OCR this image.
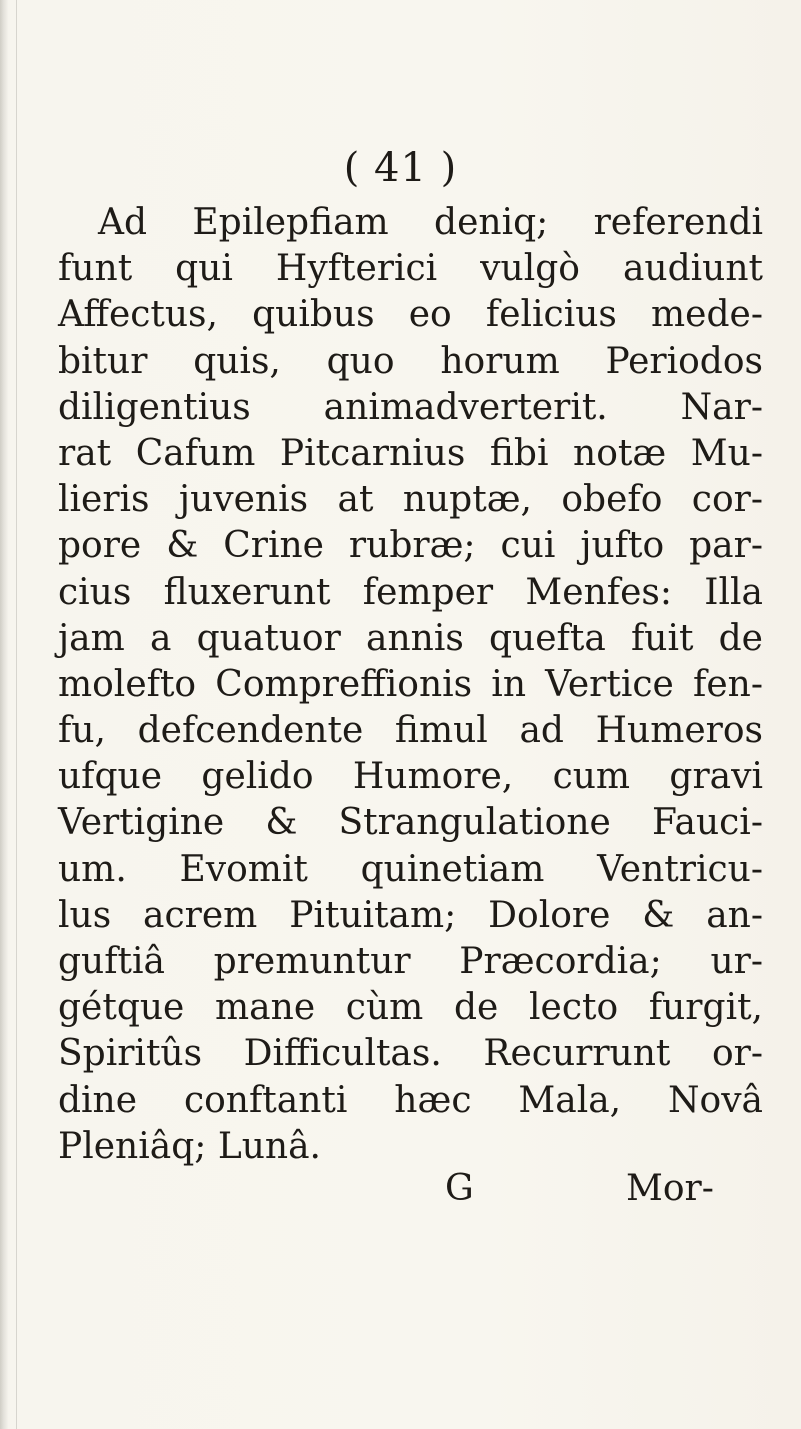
( 41 )
Ad Epilepfiam deniq; referendi
funt qui Hyfterici vulgò audiunt
Affectus, quibus eo felicius mede-
bitur quis, quo horum Periodos
diligentius animadverterit. Nar-
rat Cafum Pitcarnius fibi notæ Mu-
lieris juvenis at nuptæ, obefo cor-
pore & Crine rubræ; cui jufto par-
cius fluxerunt femper Menfes: Illa
jam a quatuor annis quefta fuit de
molefto Compreffionis in Vertice fen-
fu, defcendente fimul ad Humeros
ufque gelido Humore, cum gravi
Vertigine & Strangulatione Fauci-
um. Evomit quinetiam Ventricu-
lus acrem Pituitam; Dolore & an-
guftiâ premuntur Præcordia; ur-
gétque mane cùm de lecto furgit,
Spiritûs Difficultas. Recurrunt or-
dine conftanti hæc Mala, Novâ
Pleniâq; Lunâ.
G	Mor-
